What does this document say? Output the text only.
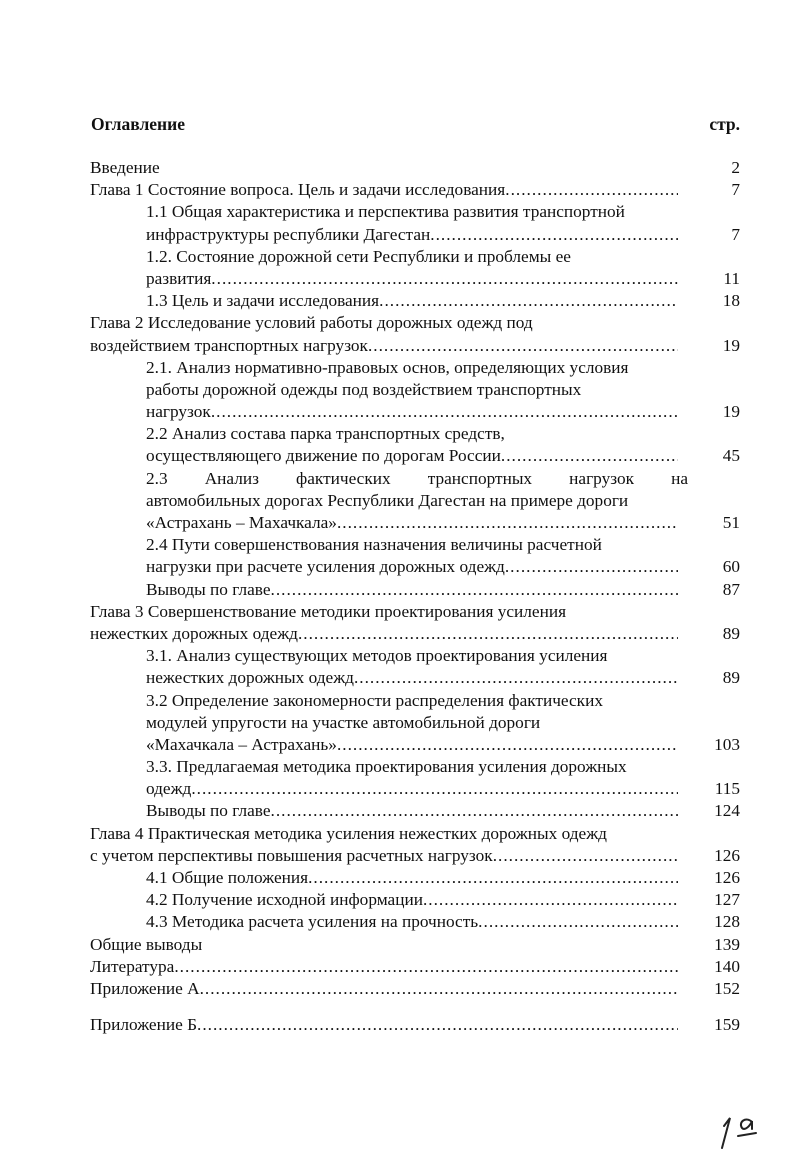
Оглавление	стр.
Введение	2
Глава 1 Состояние вопроса. Цель и задачи исследования .....	7
1.1 Общая характеристика и перспектива развития транспортной
инфраструктуры республики Дагестан .....	7
1.2. Состояние дорожной сети Республики и проблемы ее
развития .....	11
1.3 Цель и задачи исследования .....	18
Глава 2 Исследование условий работы дорожных одежд под
воздействием транспортных нагрузок .....	19
2.1. Анализ нормативно-правовых основ, определяющих условия
работы дорожной одежды под воздействием транспортных
нагрузок .....	19
2.2 Анализ состава парка транспортных средств,
осуществляющего движение по дорогам России .....	45
2.3 Анализ фактических транспортных нагрузок на
автомобильных дорогах Республики Дагестан на примере дороги
«Астрахань – Махачкала» .....	51
2.4 Пути совершенствования назначения величины расчетной
нагрузки при расчете усиления дорожных одежд .....	60
Выводы по главе .....	87
Глава 3 Совершенствование методики проектирования усиления
нежестких дорожных одежд .....	89
3.1. Анализ существующих методов проектирования усиления
нежестких дорожных одежд .....	89
3.2 Определение закономерности распределения фактических
модулей упругости на участке автомобильной дороги
«Махачкала – Астрахань» .....	103
3.3. Предлагаемая методика проектирования усиления дорожных
одежд .....	115
Выводы по главе .....	124
Глава 4 Практическая методика усиления нежестких дорожных одежд
с учетом перспективы повышения расчетных нагрузок .....	126
4.1 Общие положения .....	126
4.2 Получение исходной информации .....	127
4.3 Методика расчета усиления на прочность .....	128
Общие выводы	139
Литература .....	140
Приложение А .....	152
Приложение Б .....	159
